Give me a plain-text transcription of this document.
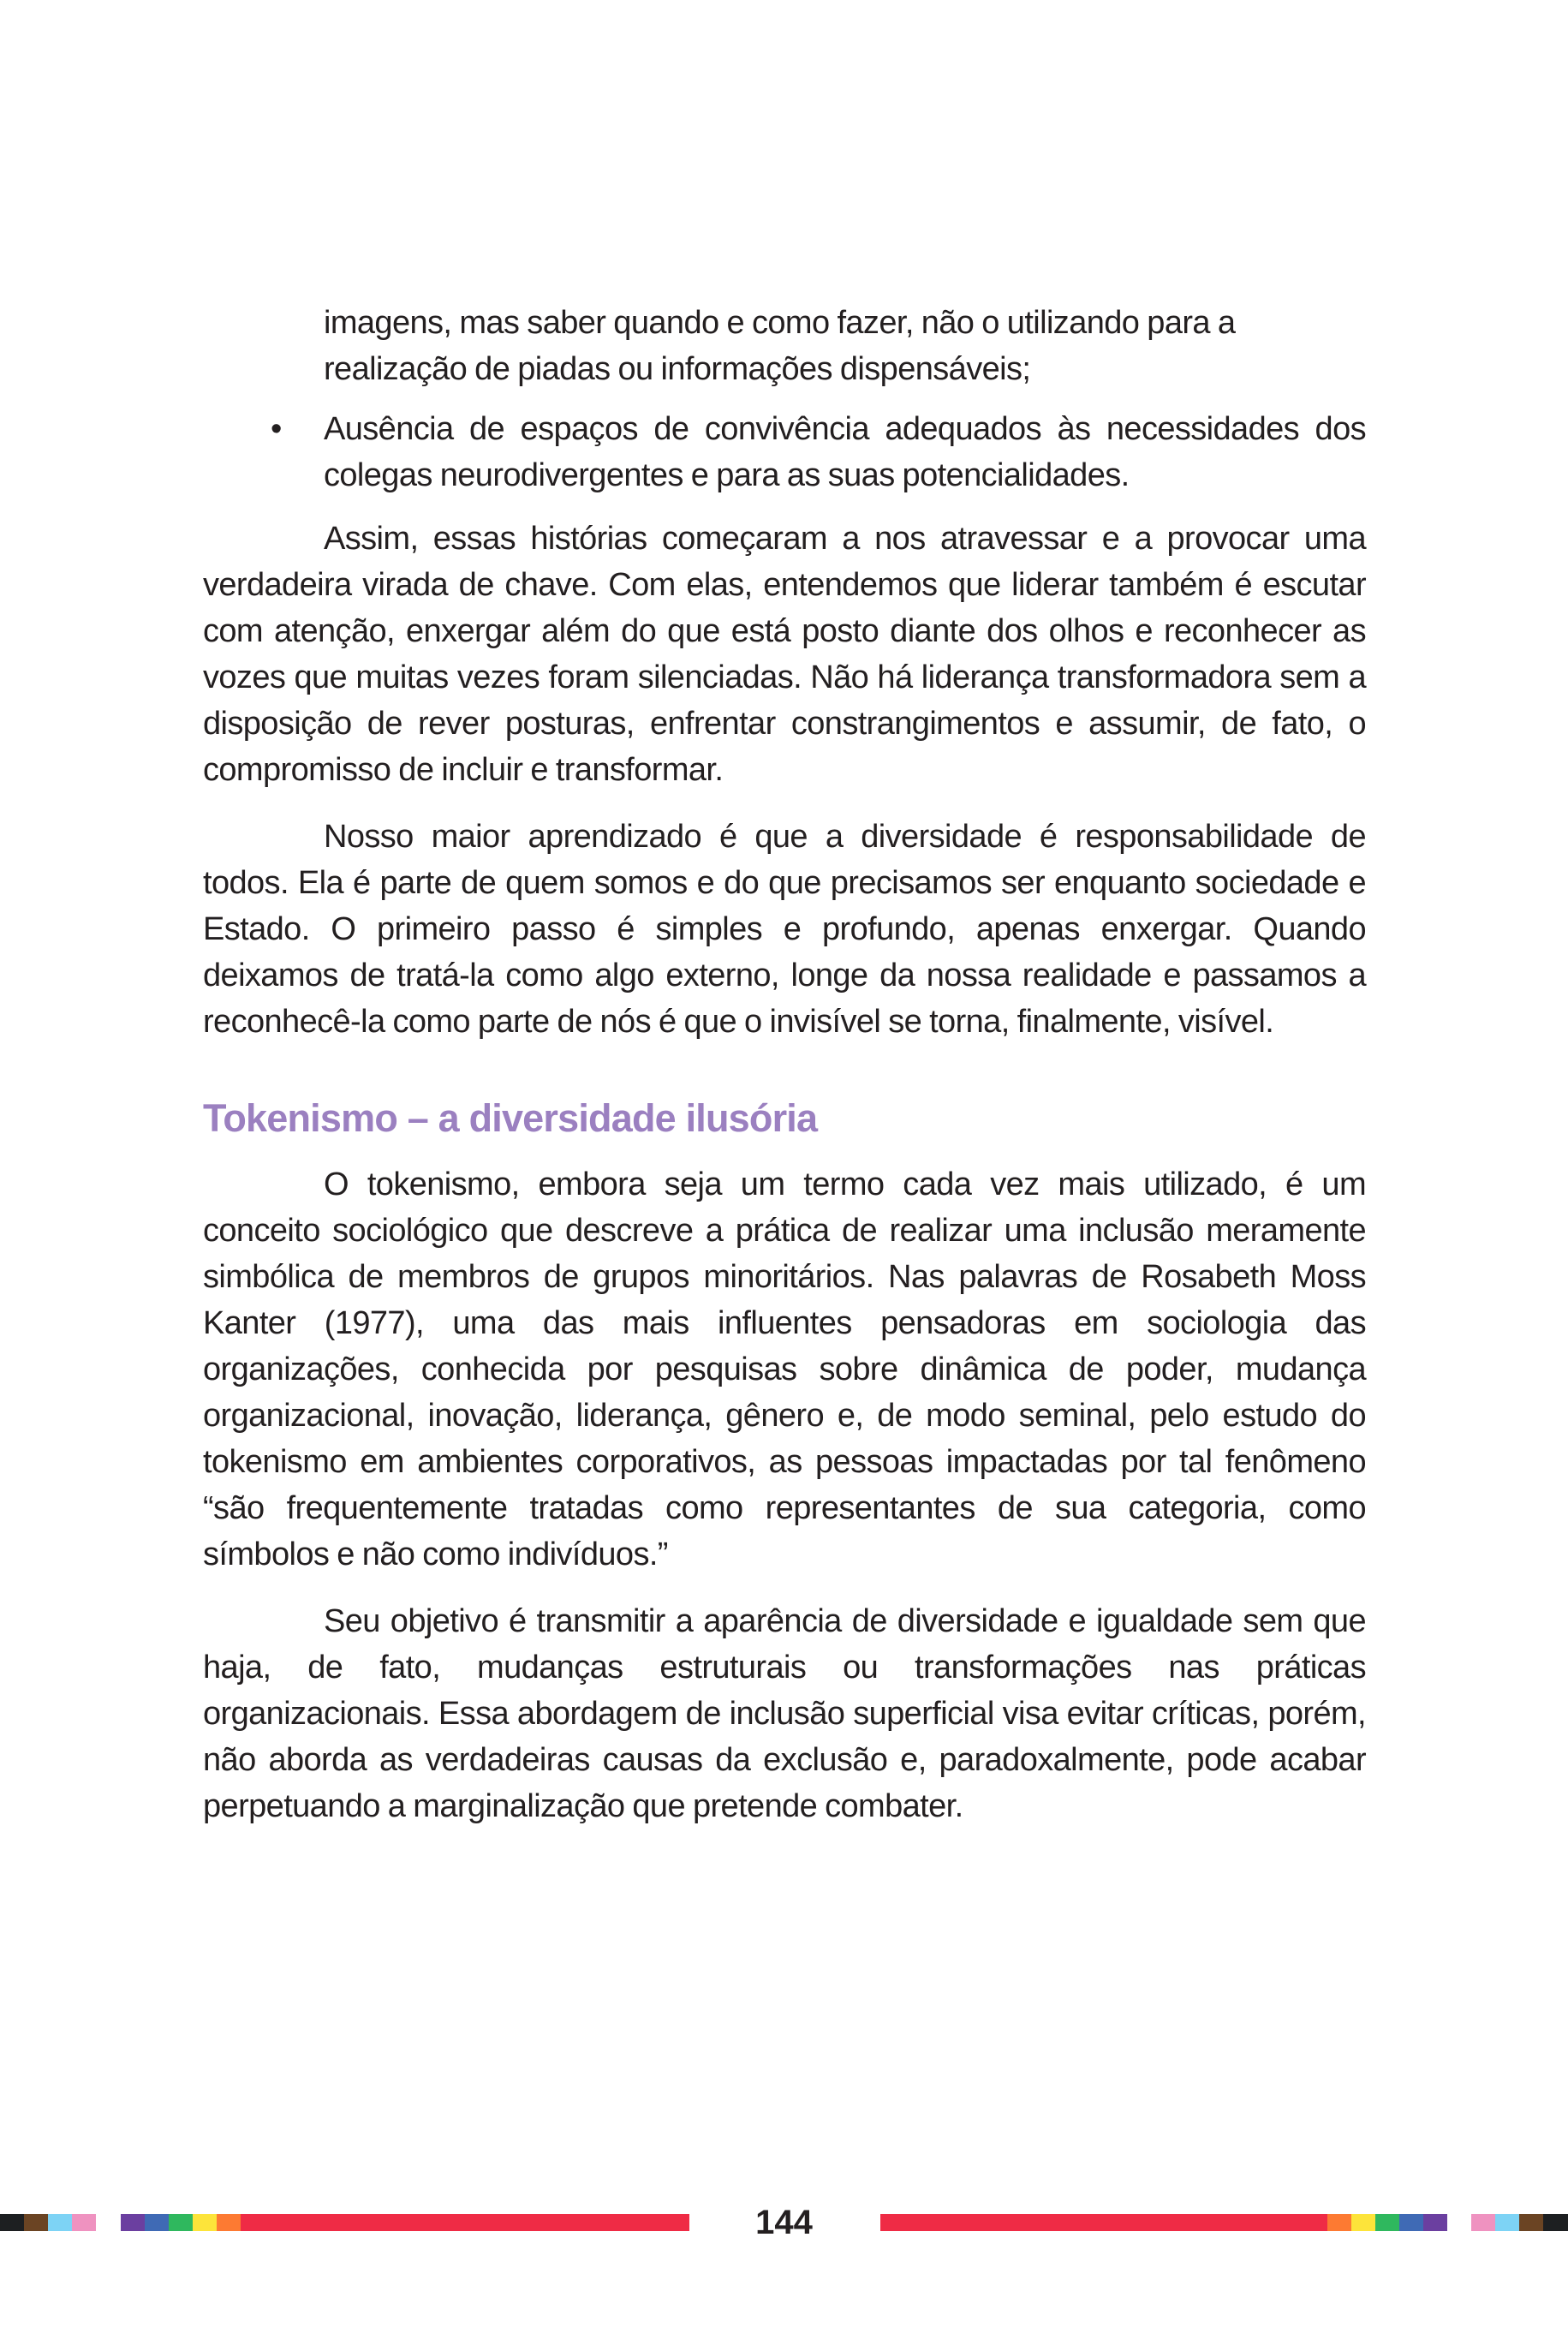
imagens, mas saber quando e como fazer, não o utilizando para a realização de piadas ou informações dispensáveis;

• Ausência de espaços de convivência adequados às necessidades dos colegas neurodivergentes e para as suas potencialidades.

Assim, essas histórias começaram a nos atravessar e a provocar uma verdadeira virada de chave. Com elas, entendemos que liderar também é escutar com atenção, enxergar além do que está posto diante dos olhos e reconhecer as vozes que muitas vezes foram silenciadas. Não há liderança transformadora sem a disposição de rever posturas, enfrentar constrangimentos e assumir, de fato, o compromisso de incluir e transformar.

Nosso maior aprendizado é que a diversidade é responsabilidade de todos. Ela é parte de quem somos e do que precisamos ser enquanto sociedade e Estado. O primeiro passo é simples e profundo, apenas enxergar. Quando deixamos de tratá-la como algo externo, longe da nossa realidade e passamos a reconhecê-la como parte de nós é que o invisível se torna, finalmente, visível.

Tokenismo – a diversidade ilusória

O tokenismo, embora seja um termo cada vez mais utilizado, é um conceito sociológico que descreve a prática de realizar uma inclusão meramente simbólica de membros de grupos minoritários. Nas palavras de Rosabeth Moss Kanter (1977), uma das mais influentes pensadoras em sociologia das organizações, conhecida por pesquisas sobre dinâmica de poder, mudança organizacional, inovação, liderança, gênero e, de modo seminal, pelo estudo do tokenismo em ambientes corporativos, as pessoas impactadas por tal fenômeno “são frequentemente tratadas como representantes de sua categoria, como símbolos e não como indivíduos.”

Seu objetivo é transmitir a aparência de diversidade e igualdade sem que haja, de fato, mudanças estruturais ou transformações nas práticas organizacionais. Essa abordagem de inclusão superficial visa evitar críticas, porém, não aborda as verdadeiras causas da exclusão e, paradoxalmente, pode acabar perpetuando a marginalização que pretende combater.

144
